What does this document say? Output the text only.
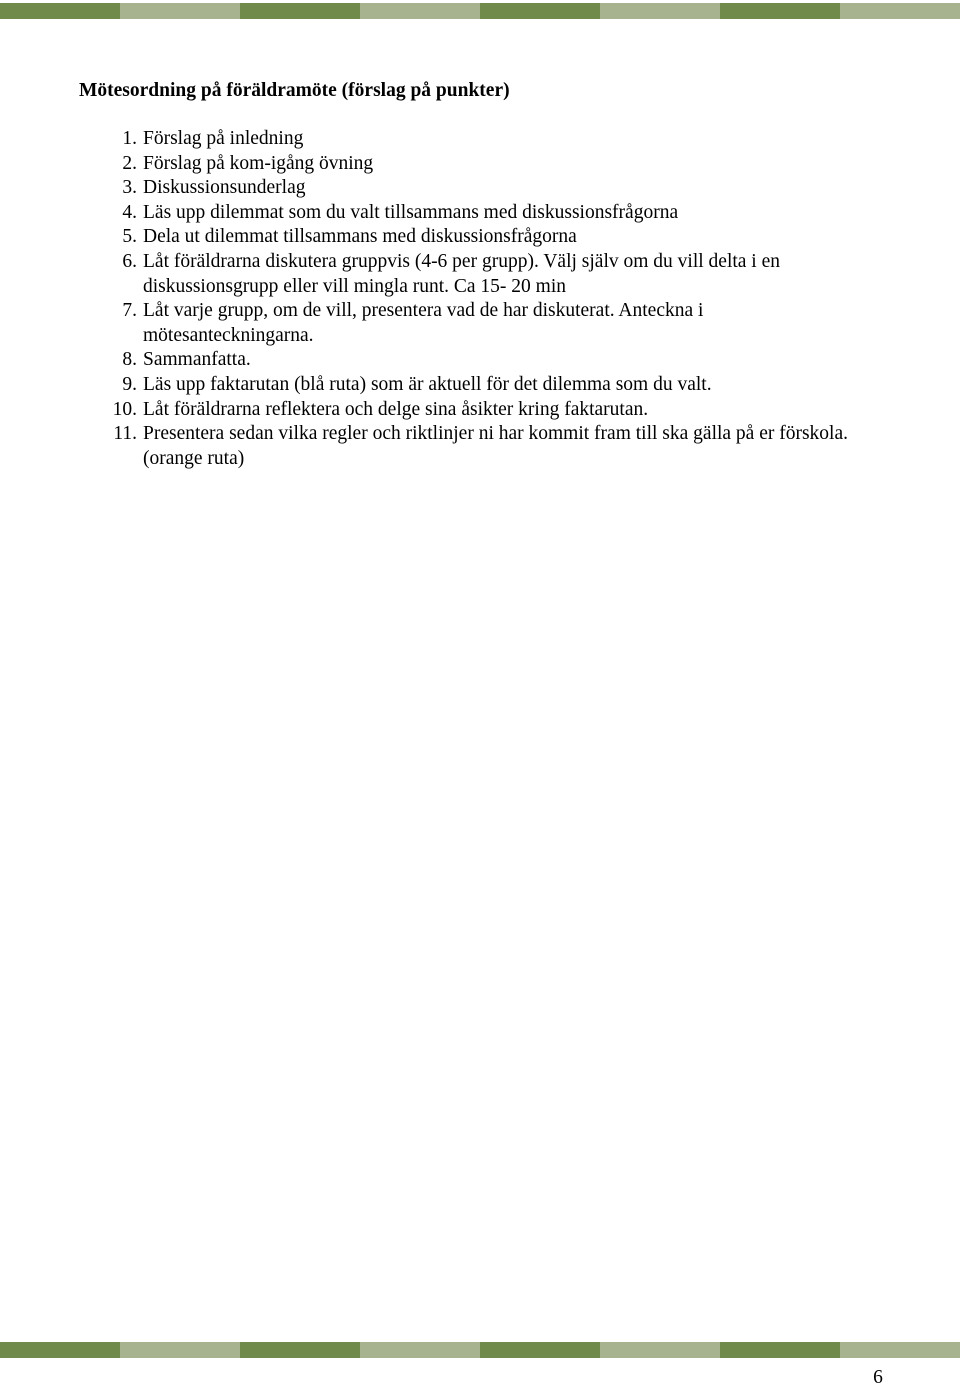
Mötesordning på föräldramöte (förslag på punkter)
1. Förslag på inledning
2. Förslag på kom-igång övning
3. Diskussionsunderlag
4. Läs upp dilemmat som du valt tillsammans med diskussionsfrågorna
5. Dela ut dilemmat tillsammans med diskussionsfrågorna
6. Låt föräldrarna diskutera gruppvis (4-6 per grupp). Välj själv om du vill delta i en diskussionsgrupp eller vill mingla runt. Ca 15- 20 min
7. Låt varje grupp, om de vill, presentera vad de har diskuterat. Anteckna i mötesanteckningarna.
8. Sammanfatta.
9. Läs upp faktarutan (blå ruta) som är aktuell för det dilemma som du valt.
10. Låt föräldrarna reflektera och delge sina åsikter kring faktarutan.
11. Presentera sedan vilka regler och riktlinjer ni har kommit fram till ska gälla på er förskola. (orange ruta)
6
